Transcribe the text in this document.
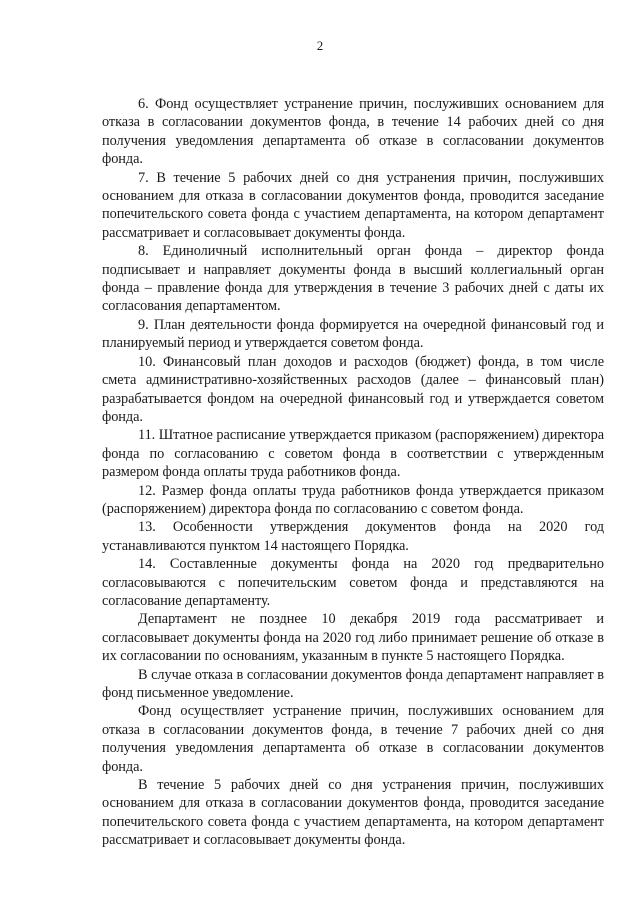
2

6. Фонд осуществляет устранение причин, послуживших основанием для отказа в согласовании документов фонда, в течение 14 рабочих дней со дня получения уведомления департамента об отказе в согласовании документов фонда.

7. В течение 5 рабочих дней со дня устранения причин, послуживших основанием для отказа в согласовании документов фонда, проводится заседание попечительского совета фонда с участием департамента, на котором департамент рассматривает и согласовывает документы фонда.

8. Единоличный исполнительный орган фонда – директор фонда подписывает и направляет документы фонда в высший коллегиальный орган фонда – правление фонда для утверждения в течение 3 рабочих дней с даты их согласования департаментом.

9. План деятельности фонда формируется на очередной финансовый год и планируемый период и утверждается советом фонда.

10. Финансовый план доходов и расходов (бюджет) фонда, в том числе смета административно-хозяйственных расходов (далее – финансовый план) разрабатывается фондом на очередной финансовый год и утверждается советом фонда.

11. Штатное расписание утверждается приказом (распоряжением) директора фонда по согласованию с советом фонда в соответствии с утвержденным размером фонда оплаты труда работников фонда.

12. Размер фонда оплаты труда работников фонда утверждается приказом (распоряжением) директора фонда по согласованию с советом фонда.

13. Особенности утверждения документов фонда на 2020 год устанавливаются пунктом 14 настоящего Порядка.

14. Составленные документы фонда на 2020 год предварительно согласовываются с попечительским советом фонда и представляются на согласование департаменту.

Департамент не позднее 10 декабря 2019 года рассматривает и согласовывает документы фонда на 2020 год либо принимает решение об отказе в их согласовании по основаниям, указанным в пункте 5 настоящего Порядка.

В случае отказа в согласовании документов фонда департамент направляет в фонд письменное уведомление.

Фонд осуществляет устранение причин, послуживших основанием для отказа в согласовании документов фонда, в течение 7 рабочих дней со дня получения уведомления департамента об отказе в согласовании документов фонда.

В течение 5 рабочих дней со дня устранения причин, послуживших основанием для отказа в согласовании документов фонда, проводится заседание попечительского совета фонда с участием департамента, на котором департамент рассматривает и согласовывает документы фонда.
